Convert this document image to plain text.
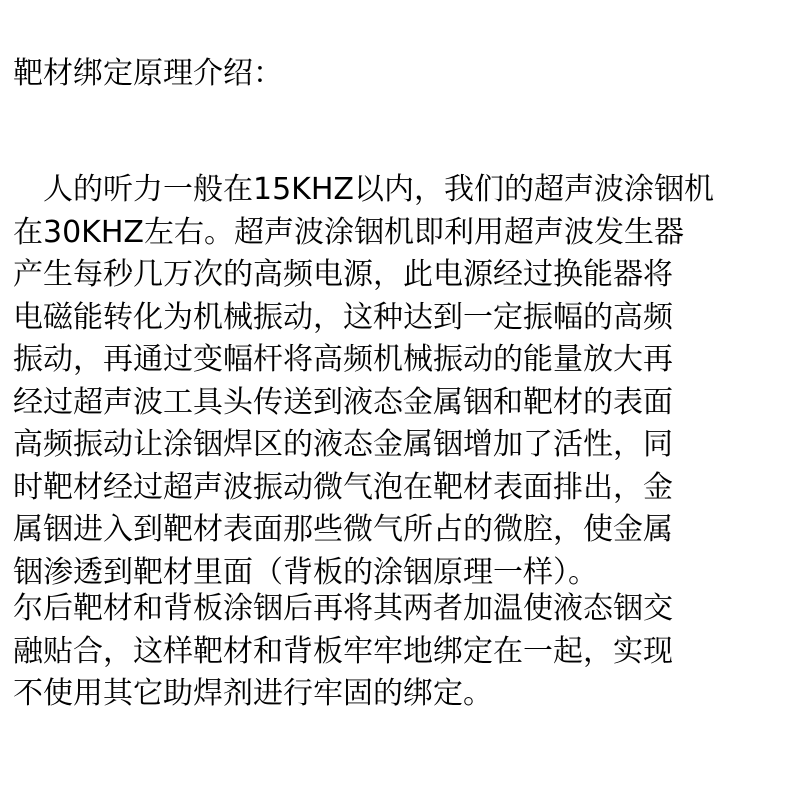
靶材绑定原理介绍：
　人的听力一般在15KHZ以内，我们的超声波涂铟机
在30KHZ左右。超声波涂铟机即利用超声波发生器
产生每秒几万次的高频电源，此电源经过换能器将
电磁能转化为机械振动，这种达到一定振幅的高频
振动，再通过变幅杆将高频机械振动的能量放大再
经过超声波工具头传送到液态金属铟和靶材的表面
高频振动让涂铟焊区的液态金属铟增加了活性，同
时靶材经过超声波振动微气泡在靶材表面排出，金
属铟进入到靶材表面那些微气所占的微腔，使金属
铟渗透到靶材里面（背板的涂铟原理一样）。
尔后靶材和背板涂铟后再将其两者加温使液态铟交
融贴合，这样靶材和背板牢牢地绑定在一起，实现
不使用其它助焊剂进行牢固的绑定。
